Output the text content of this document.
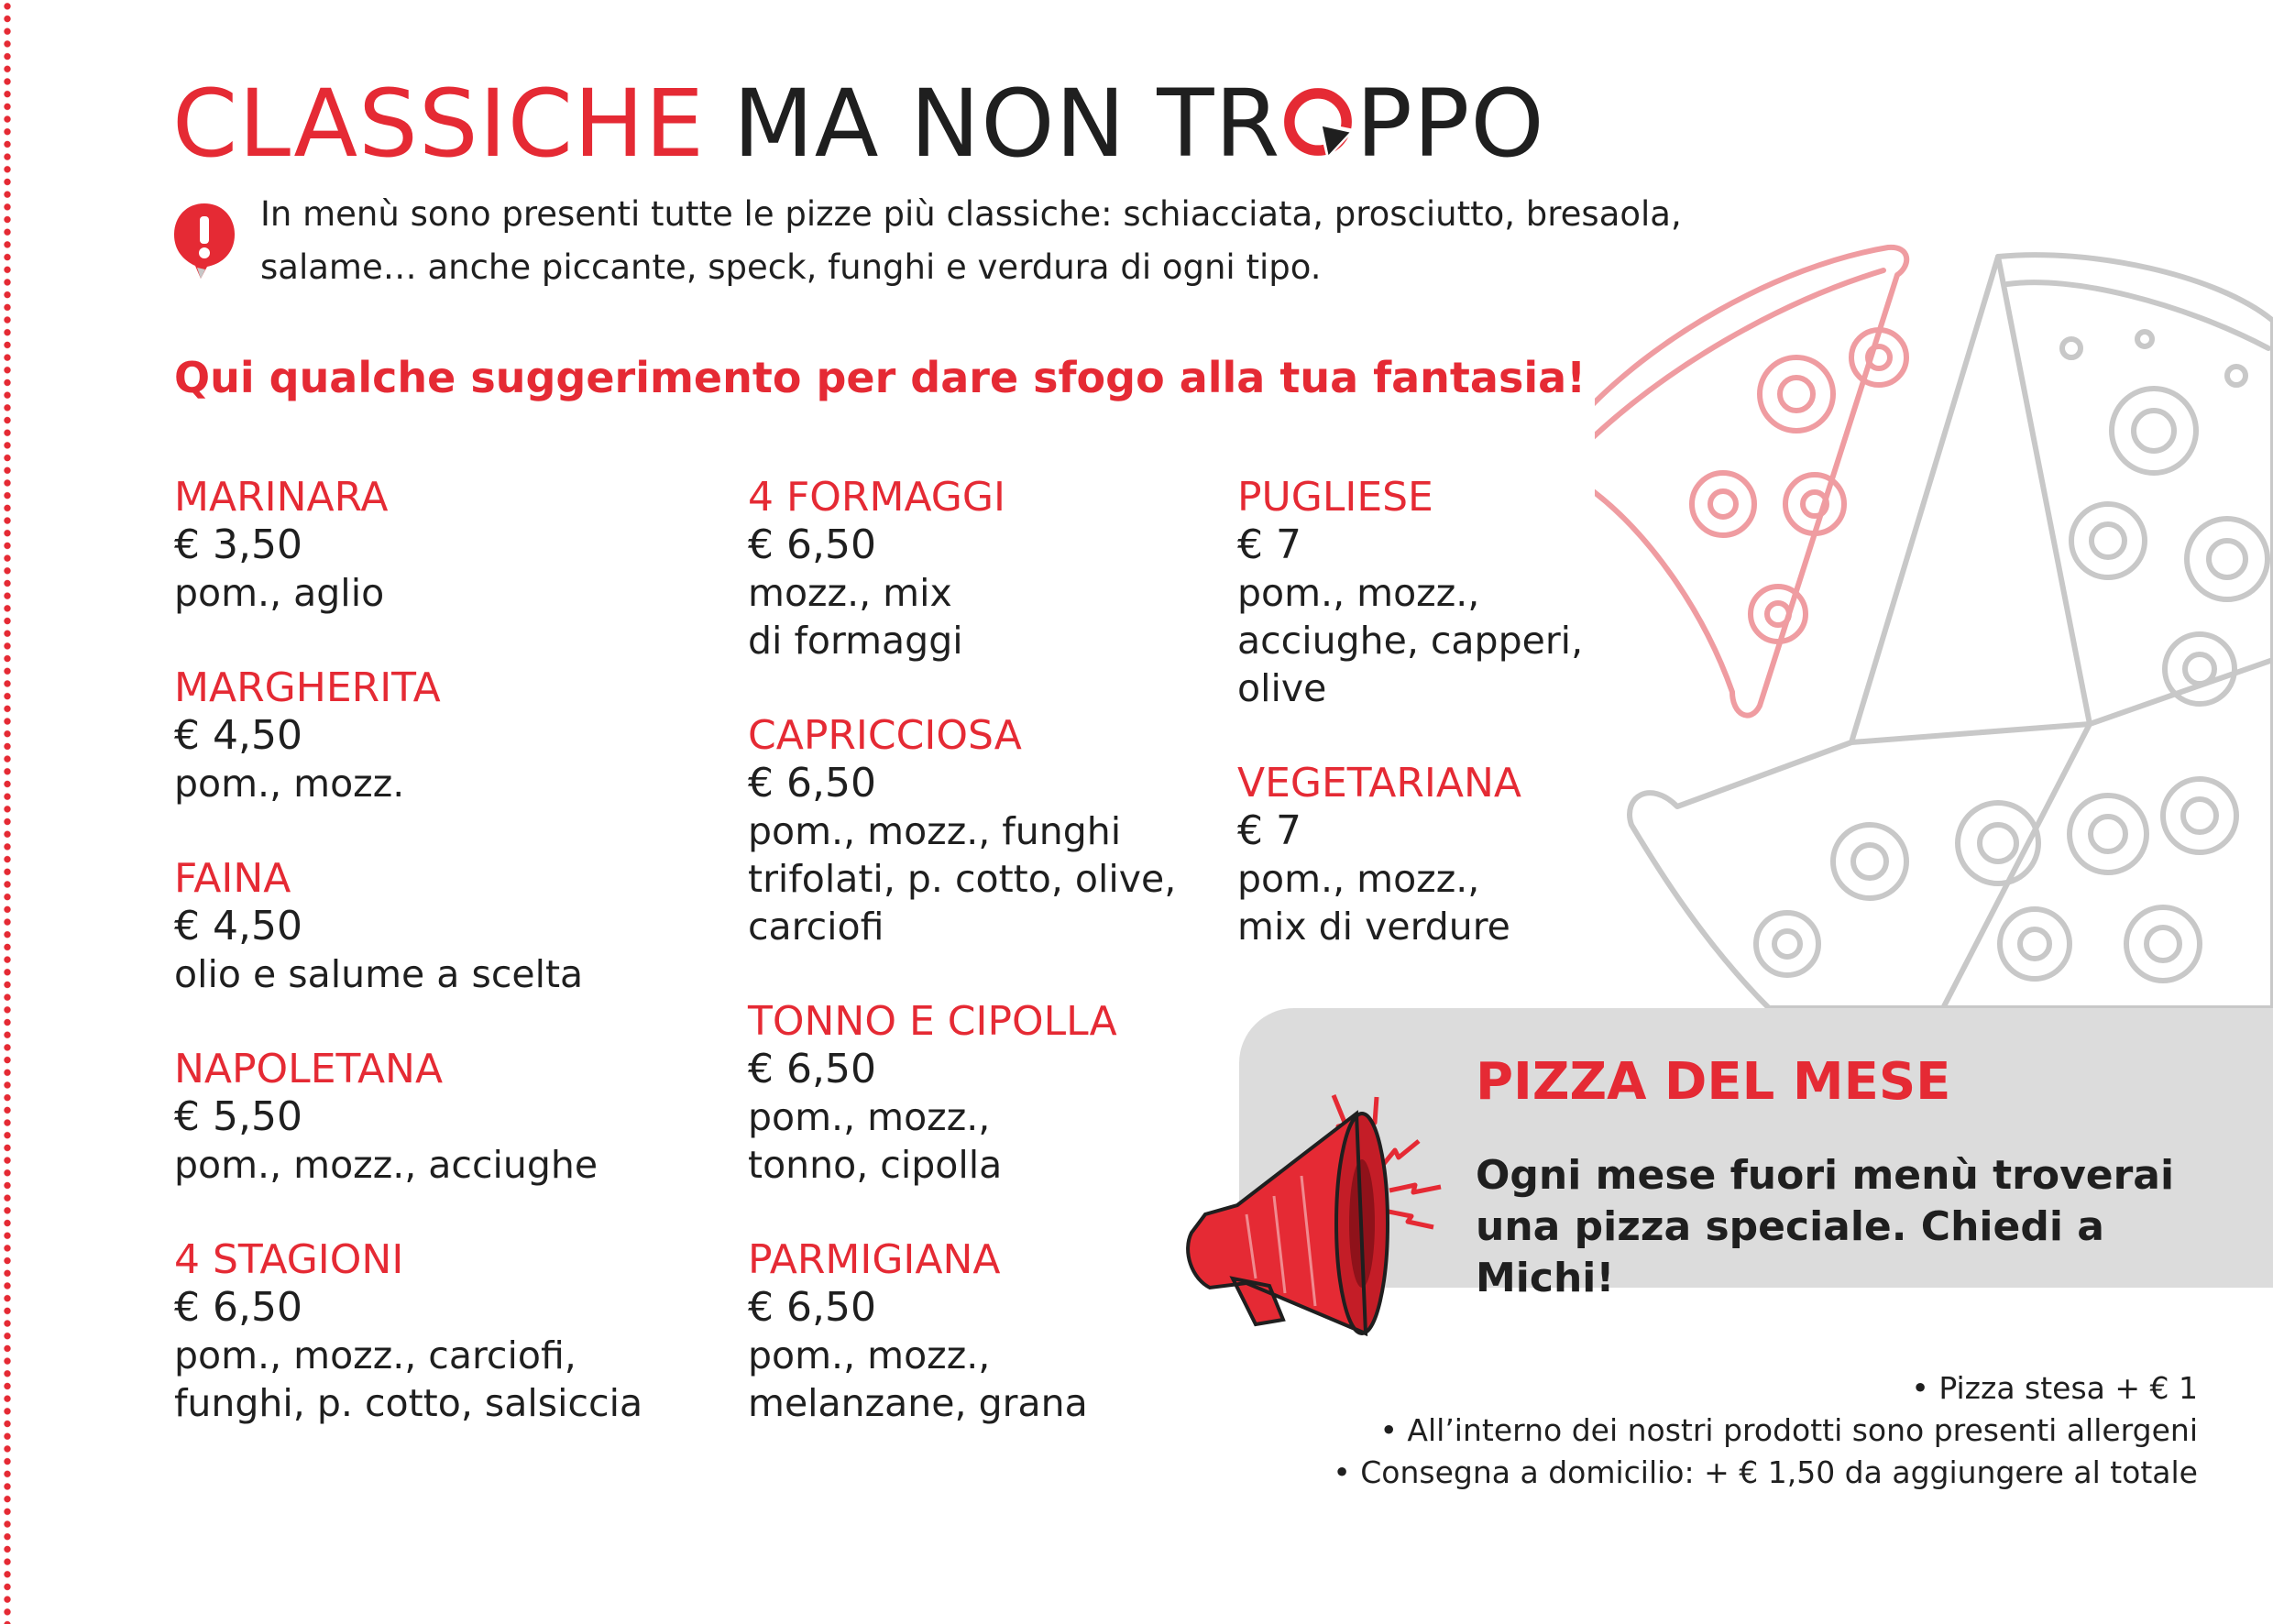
CLASSICHE MA NON TR PPO

In menù sono presenti tutte le pizze più classiche: schiacciata, prosciutto, bresaola, salame… anche piccante, speck, funghi e verdura di ogni tipo.

Qui qualche suggerimento per dare sfogo alla tua fantasia!
MARINARA
€ 3,50
pom., aglio
MARGHERITA
€ 4,50
pom., mozz.
FAINA
€ 4,50
olio e salume a scelta
NAPOLETANA
€ 5,50
pom., mozz., acciughe
4 STAGIONI
€ 6,50
pom., mozz., carciofi,
funghi, p. cotto, salsiccia
4 FORMAGGI
€ 6,50
mozz., mix
di formaggi
CAPRICCIOSA
€ 6,50
pom., mozz., funghi
trifolati, p. cotto, olive,
carciofi
TONNO E CIPOLLA
€ 6,50
pom., mozz.,
tonno, cipolla
PARMIGIANA
€ 6,50
pom., mozz.,
melanzane, grana
PUGLIESE
€ 7
pom., mozz.,
acciughe, capperi,
olive
VEGETARIANA
€ 7
pom., mozz.,
mix di verdure
PIZZA DEL MESE

Ogni mese fuori menù troverai
una pizza speciale. Chiedi a Michi!

• Pizza stesa + € 1
• All’interno dei nostri prodotti sono presenti allergeni
• Consegna a domicilio: + € 1,50 da aggiungere al totale
